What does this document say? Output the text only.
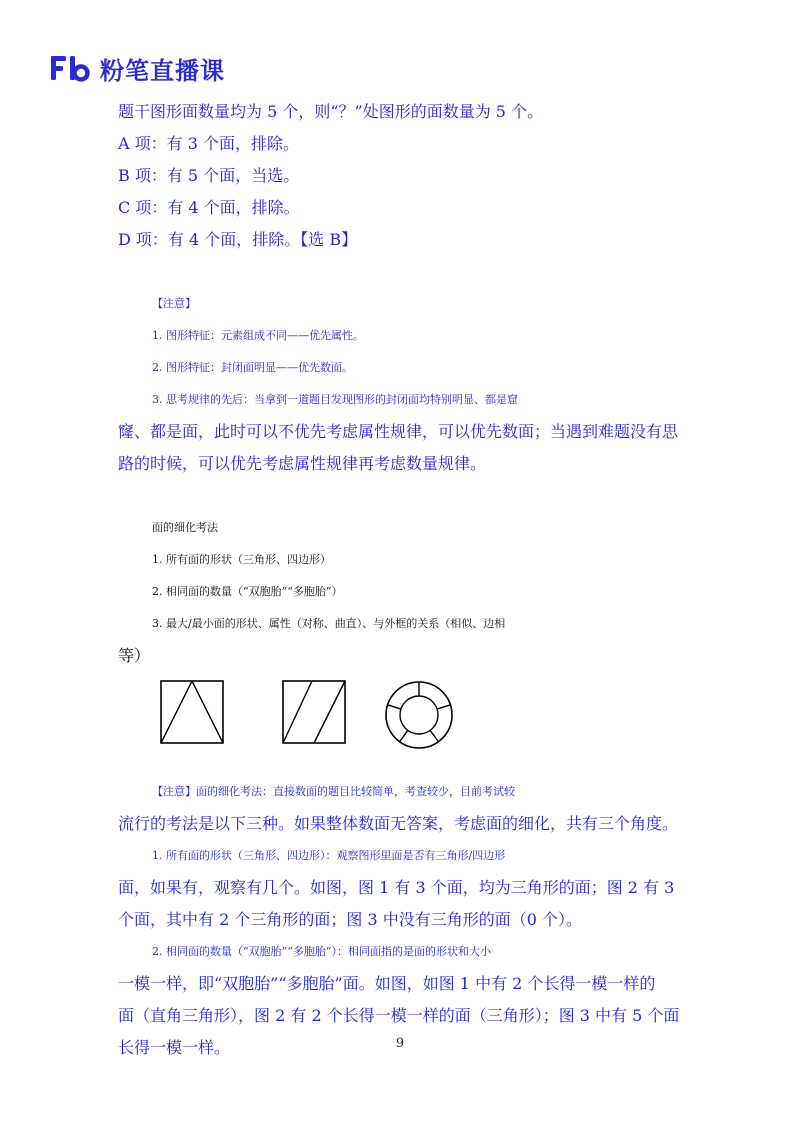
粉笔直播课
题干图形面数量均为 5 个，则“？”处图形的面数量为 5 个。
A 项：有 3 个面，排除。
B 项：有 5 个面，当选。
C 项：有 4 个面，排除。
D 项：有 4 个面，排除。【选 B】
【注意】
1. 图形特征：元素组成不同——优先属性。
2. 图形特征：封闭面明显——优先数面。
3. 思考规律的先后：当拿到一道题目发现图形的封闭面均特别明显、都是窟
窿、都是面，此时可以不优先考虑属性规律，可以优先数面；当遇到难题没有思
路的时候，可以优先考虑属性规律再考虑数量规律。
面的细化考法
1. 所有面的形状（三角形、四边形）
2. 相同面的数量（“双胞胎”“多胞胎”）
3. 最大/最小面的形状、属性（对称、曲直）、与外框的关系（相似、边相
等）
【注意】面的细化考法：直接数面的题目比较简单，考查较少，目前考试较
流行的考法是以下三种。如果整体数面无答案，考虑面的细化，共有三个角度。
1. 所有面的形状（三角形、四边形）：观察图形里面是否有三角形/四边形
面，如果有，观察有几个。如图，图 1 有 3 个面，均为三角形的面；图 2 有 3
个面，其中有 2 个三角形的面；图 3 中没有三角形的面（0 个）。
2. 相同面的数量（“双胞胎”“多胞胎”）：相同面指的是面的形状和大小
一模一样，即“双胞胎”“多胞胎”面。如图，如图 1 中有 2 个长得一模一样的
面（直角三角形），图 2 有 2 个长得一模一样的面（三角形）；图 3 中有 5 个面
长得一模一样。	9
